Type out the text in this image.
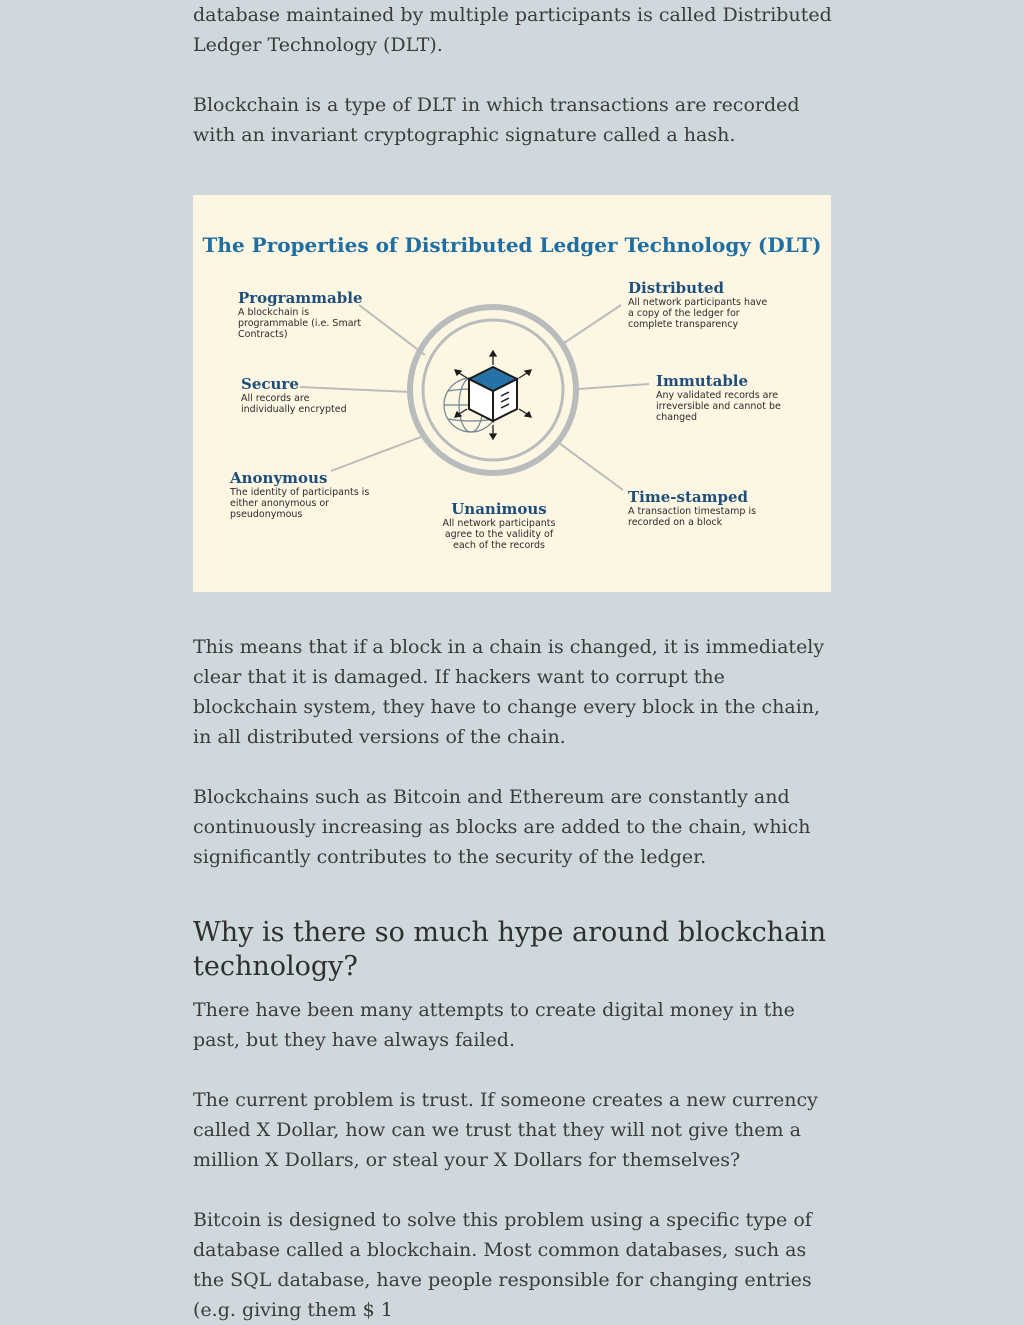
database maintained by multiple participants is called Distributed Ledger Technology (DLT).

Blockchain is a type of DLT in which transactions are recorded with an invariant cryptographic signature called a hash.

The Properties of Distributed Ledger Technology (DLT)
Programmable
A blockchain is programmable (i.e. Smart Contracts)
Secure
All records are individually encrypted
Anonymous
The identity of participants is either anonymous or pseudonymous	Unanimous
All network participants agree to the validity of each of the records
Distributed
All network participants have a copy of the ledger for complete transparency
Immutable
Any validated records are irreversible and cannot be changed
Time-stamped
A transaction timestamp is recorded on a block

This means that if a block in a chain is changed, it is immediately clear that it is damaged. If hackers want to corrupt the blockchain system, they have to change every block in the chain, in all distributed versions of the chain.

Blockchains such as Bitcoin and Ethereum are constantly and continuously increasing as blocks are added to the chain, which significantly contributes to the security of the ledger.

Why is there so much hype around blockchain technology?

There have been many attempts to create digital money in the past, but they have always failed.

The current problem is trust. If someone creates a new currency called X Dollar, how can we trust that they will not give them a million X Dollars, or steal your X Dollars for themselves?

Bitcoin is designed to solve this problem using a specific type of database called a blockchain. Most common databases, such as the SQL database, have people responsible for changing entries (e.g. giving them $ 1
